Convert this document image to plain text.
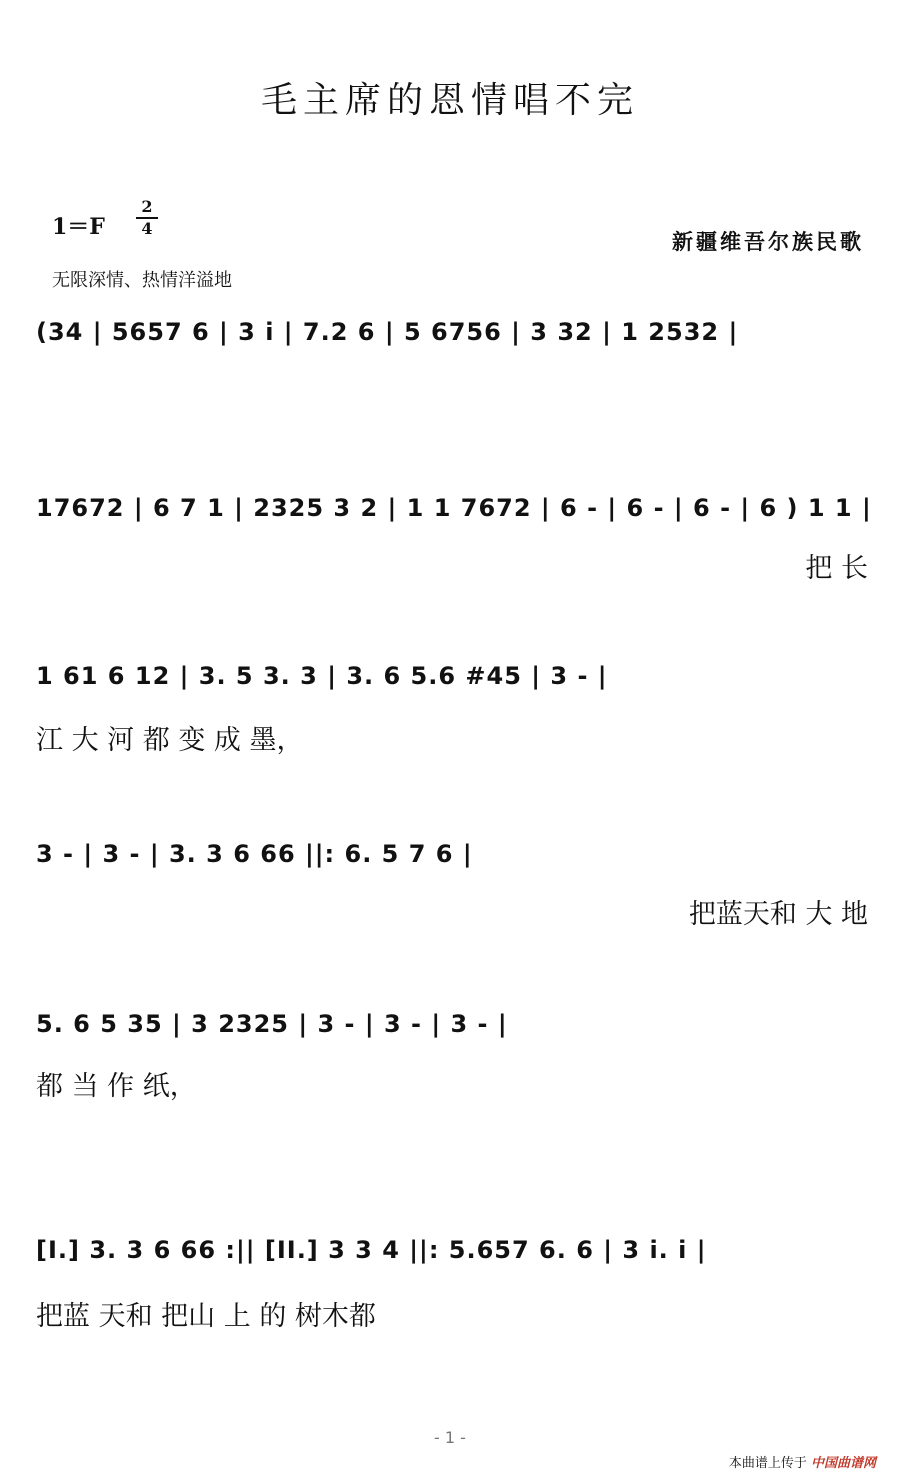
毛主席的恩情唱不完
1＝F
2
4
新疆维吾尔族民歌
无限深情、热情洋溢地
(34 | 5657 6 | 3 i | 7.2 6 | 5 6756 | 3 32 | 1 2532 |
17672 | 6 7 1 | 2325 3 2 | 1 1 7672 | 6 - | 6 - | 6 - | 6 ) 1 1 |
把 长
1 61 6 12 | 3. 5 3. 3 | 3. 6 5.6 #45 | 3 - |
江 大 河 都 变 成 墨，
3 - | 3 - | 3. 3 6 66 ||: 6. 5 7 6 |
把蓝天和 大 地
5. 6 5 35 | 3 2325 | 3 - | 3 - | 3 - |
都 当 作 纸，
[I.] 3. 3 6 66 :|| [II.] 3 3 4 ||: 5.657 6. 6 | 3 i. i |
把蓝 天和 把山 上 的 树木都
- 1 -
本曲谱上传于 中国曲谱网
